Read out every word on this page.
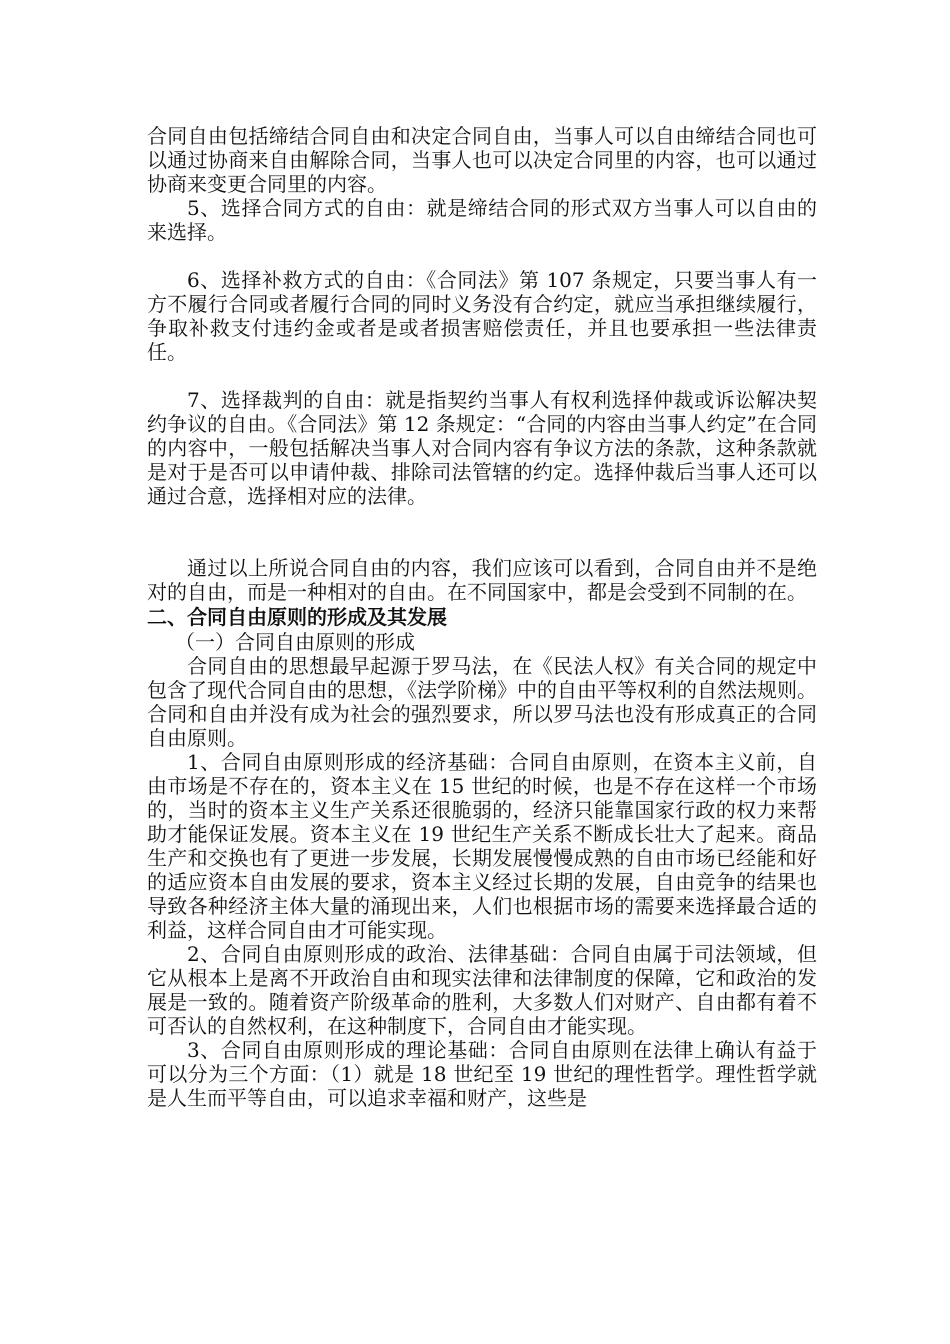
合同自由包括缔结合同自由和决定合同自由，当事人可以自由缔结合同也可以通过协商来自由解除合同，当事人也可以决定合同里的内容，也可以通过协商来变更合同里的内容。

5、选择合同方式的自由：就是缔结合同的形式双方当事人可以自由的来选择。

6、选择补救方式的自由：《合同法》第 107 条规定，只要当事人有一方不履行合同或者履行合同的同时义务没有合约定，就应当承担继续履行，争取补救支付违约金或者是或者损害赔偿责任，并且也要承担一些法律责任。

7、选择裁判的自由：就是指契约当事人有权利选择仲裁或诉讼解决契约争议的自由。《合同法》第 12 条规定：“合同的内容由当事人约定”在合同的内容中，一般包括解决当事人对合同内容有争议方法的条款，这种条款就是对于是否可以申请仲裁、排除司法管辖的约定。选择仲裁后当事人还可以通过合意，选择相对应的法律。

通过以上所说合同自由的内容，我们应该可以看到，合同自由并不是绝对的自由，而是一种相对的自由。在不同国家中，都是会受到不同制的在。

二、合同自由原则的形成及其发展

（一）合同自由原则的形成

合同自由的思想最早起源于罗马法，在《民法人权》有关合同的规定中包含了现代合同自由的思想，《法学阶梯》中的自由平等权利的自然法规则。合同和自由并没有成为社会的强烈要求，所以罗马法也没有形成真正的合同自由原则。

1、合同自由原则形成的经济基础：合同自由原则，在资本主义前，自由市场是不存在的，资本主义在 15 世纪的时候，也是不存在这样一个市场的，当时的资本主义生产关系还很脆弱的，经济只能靠国家行政的权力来帮助才能保证发展。资本主义在 19 世纪生产关系不断成长壮大了起来。商品生产和交换也有了更进一步发展，长期发展慢慢成熟的自由市场已经能和好的适应资本自由发展的要求，资本主义经过长期的发展，自由竞争的结果也导致各种经济主体大量的涌现出来，人们也根据市场的需要来选择最合适的利益，这样合同自由才可能实现。

2、合同自由原则形成的政治、法律基础：合同自由属于司法领域，但它从根本上是离不开政治自由和现实法律和法律制度的保障，它和政治的发展是一致的。随着资产阶级革命的胜利，大多数人们对财产、自由都有着不可否认的自然权利，在这种制度下，合同自由才能实现。

3、合同自由原则形成的理论基础：合同自由原则在法律上确认有益于可以分为三个方面：（1）就是 18 世纪至 19 世纪的理性哲学。理性哲学就是人生而平等自由，可以追求幸福和财产，这些是
